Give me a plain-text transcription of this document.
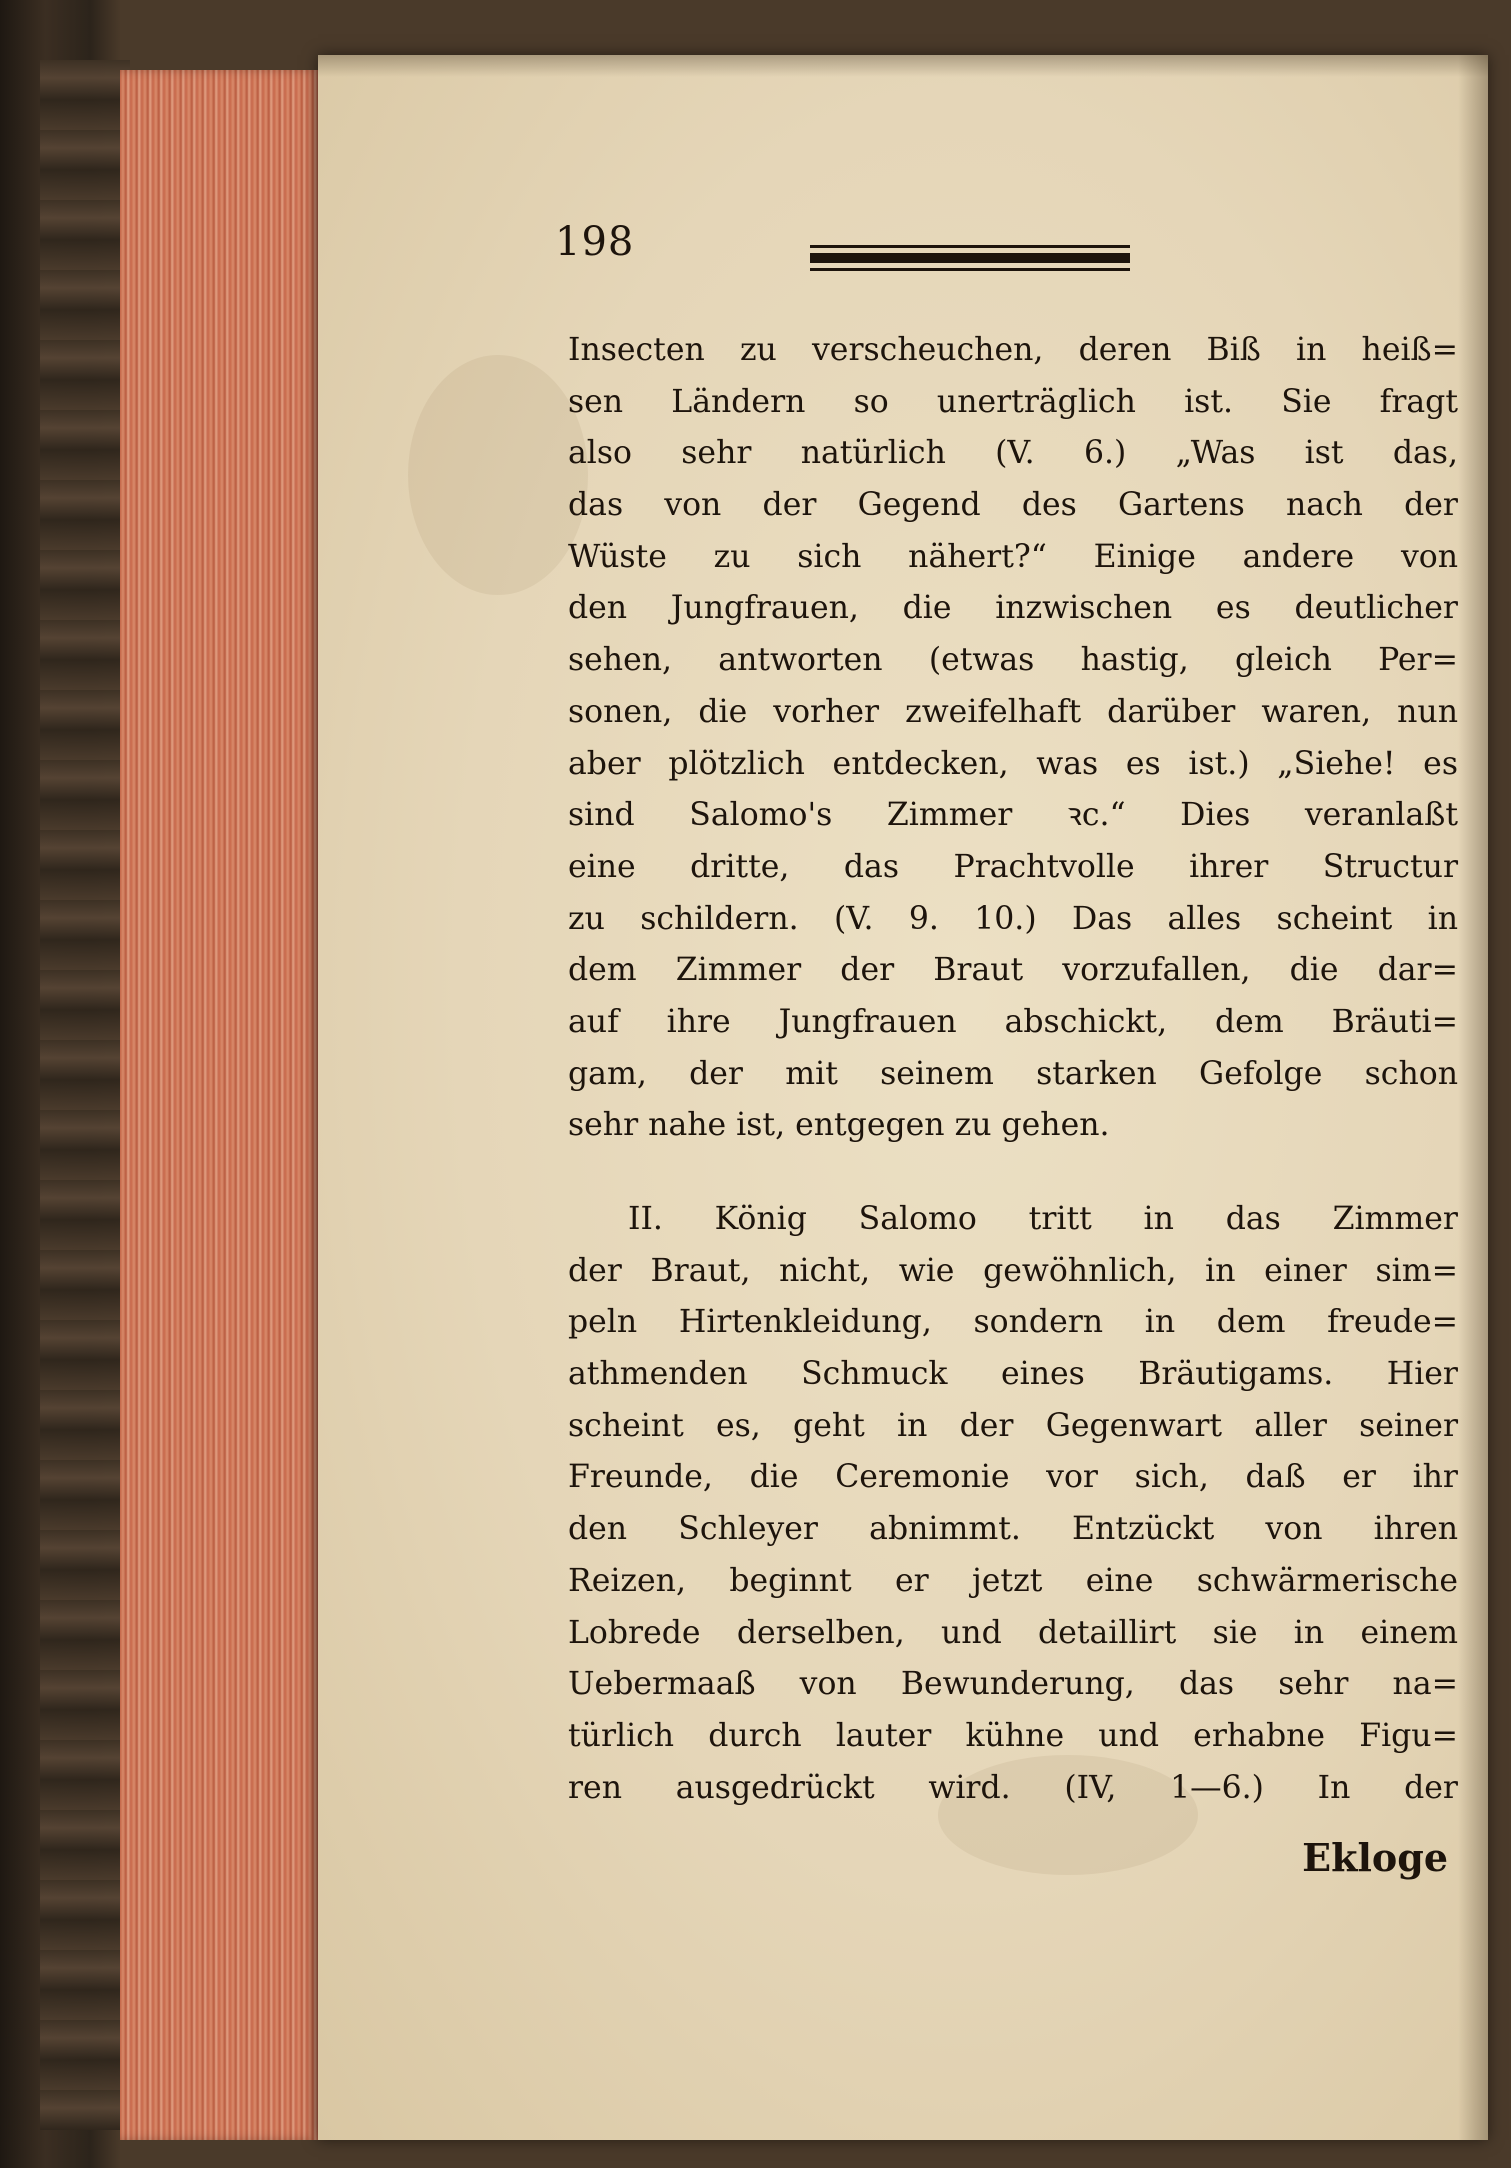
198
Insecten zu verscheuchen, deren Biß in heiß=
sen Ländern so unerträglich ist. Sie fragt
also sehr natürlich (V. 6.) „Was ist das,
das von der Gegend des Gartens nach der
Wüste zu sich nähert?“ Einige andere von
den Jungfrauen, die inzwischen es deutlicher
sehen, antworten (etwas hastig, gleich Per=
sonen, die vorher zweifelhaft darüber waren, nun
aber plötzlich entdecken, was es ist.) „Siehe! es
sind Salomo's Zimmer ꝛc.“ Dies veranlaßt
eine dritte, das Prachtvolle ihrer Structur
zu schildern. (V. 9. 10.) Das alles scheint in
dem Zimmer der Braut vorzufallen, die dar=
auf ihre Jungfrauen abschickt, dem Bräuti=
gam, der mit seinem starken Gefolge schon
sehr nahe ist, entgegen zu gehen.
II. König Salomo tritt in das Zimmer
der Braut, nicht, wie gewöhnlich, in einer sim=
peln Hirtenkleidung, sondern in dem freude=
athmenden Schmuck eines Bräutigams. Hier
scheint es, geht in der Gegenwart aller seiner
Freunde, die Ceremonie vor sich, daß er ihr
den Schleyer abnimmt. Entzückt von ihren
Reizen, beginnt er jetzt eine schwärmerische
Lobrede derselben, und detaillirt sie in einem
Uebermaaß von Bewunderung, das sehr na=
türlich durch lauter kühne und erhabne Figu=
ren ausgedrückt wird. (IV, 1—6.) In der
Ekloge
